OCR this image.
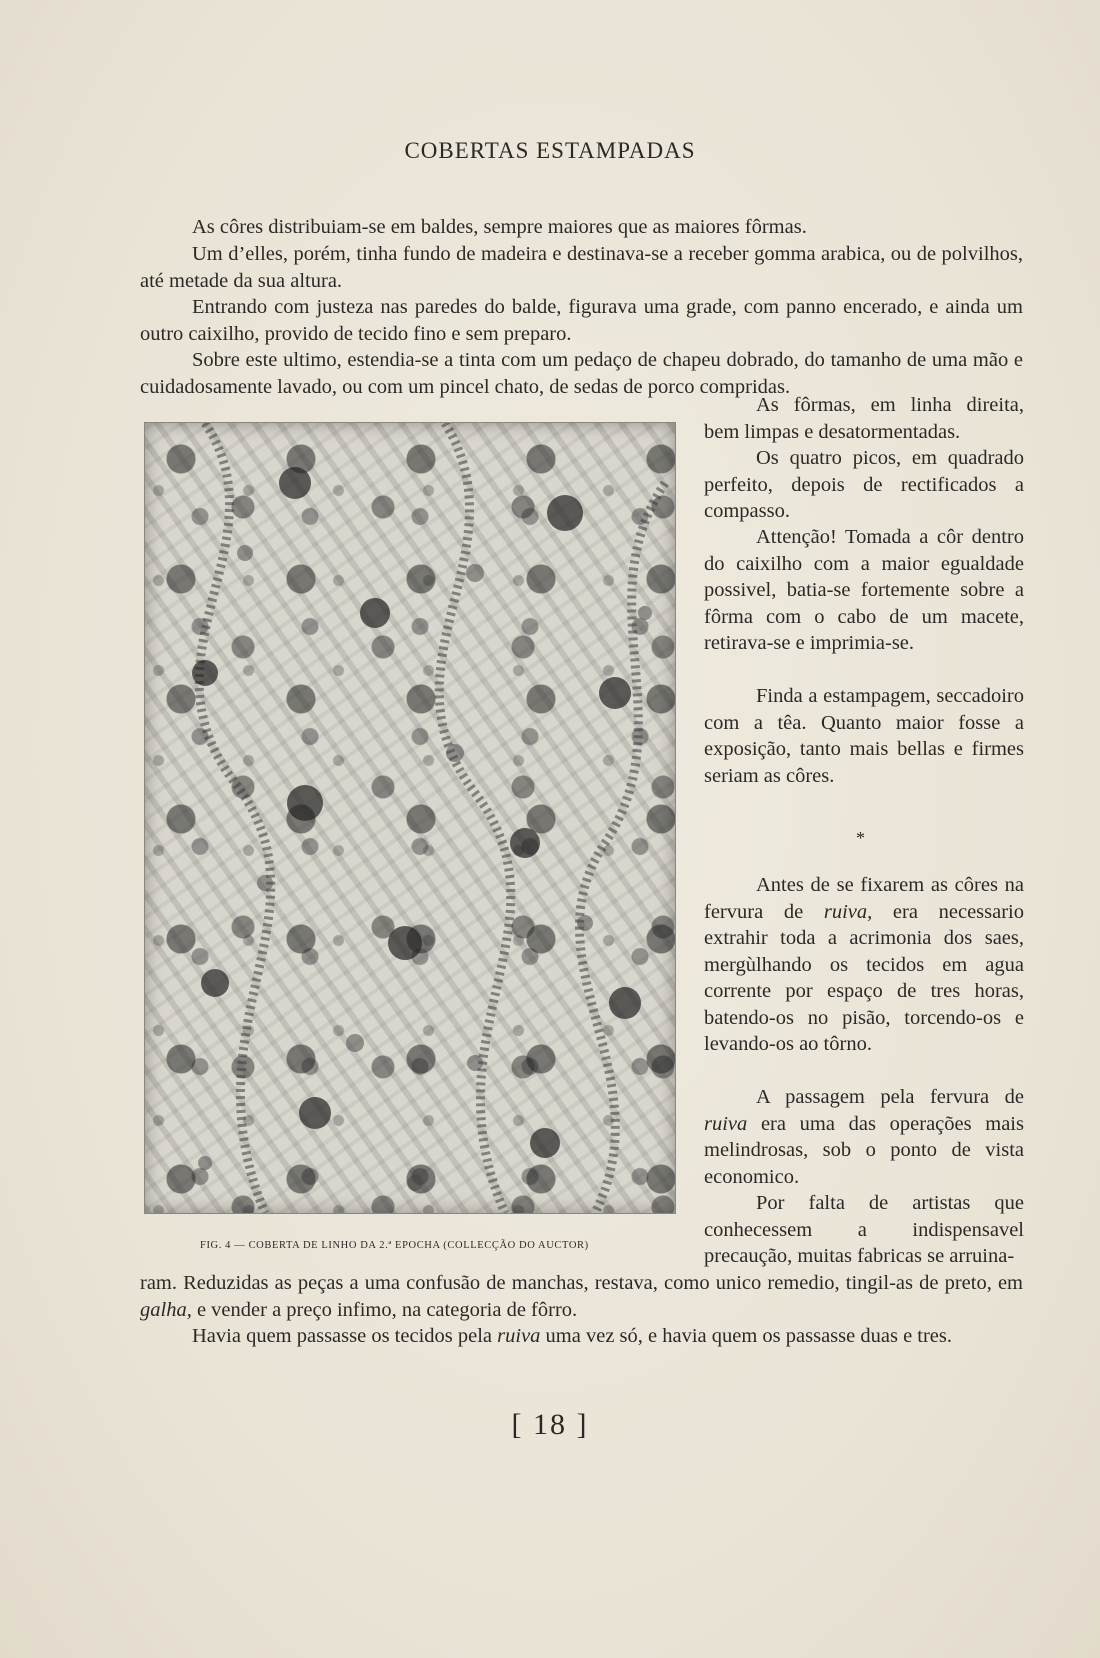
COBERTAS ESTAMPADAS

As côres distribuiam-se em baldes, sempre maiores que as maiores fôrmas.

Um d’elles, porém, tinha fundo de madeira e destinava-se a receber gomma arabica, ou de polvilhos, até metade da sua altura.

Entrando com justeza nas paredes do balde, figurava uma grade, com panno encerado, e ainda um outro caixilho, provido de tecido fino e sem preparo.

Sobre este ultimo, estendia-se a tinta com um pedaço de chapeu dobrado, do tamanho de uma mão e cuidadosamente lavado, ou com um pincel chato, de sedas de porco compridas.

As fôrmas, em linha direita, bem limpas e desatormentadas.

Os quatro picos, em quadrado perfeito, depois de rectificados a compasso.

Attenção! Tomada a côr dentro do caixilho com a maior egualdade possivel, batia-se fortemente sobre a fôrma com o cabo de um macete, retirava-se e imprimia-se.

Finda a estampagem, seccadoiro com a têa. Quanto maior fosse a exposição, tanto mais bellas e firmes seriam as côres.

*

Antes de se fixarem as côres na fervura de ruiva, era necessario extrahir toda a acrimonia dos saes, mergùlhando os tecidos em agua corrente por espaço de tres horas, batendo-os no pisão, torcendo-os e levando-os ao tôrno.

A passagem pela fervura de ruiva era uma das operações mais melindrosas, sob o ponto de vista economico.

Por falta de artistas que conhecessem a indispensavel precaução, muitas fabricas se arruina-

ram. Reduzidas as peças a uma confusão de manchas, restava, como unico remedio, tingil-as de preto, em galha, e vender a preço infimo, na categoria de fôrro.

Havia quem passasse os tecidos pela ruiva uma vez só, e havia quem os passasse duas e tres.

FIG. 4 — COBERTA DE LINHO DA 2.ª EPOCHA (COLLECÇÃO DO AUCTOR)
[ 18 ]
